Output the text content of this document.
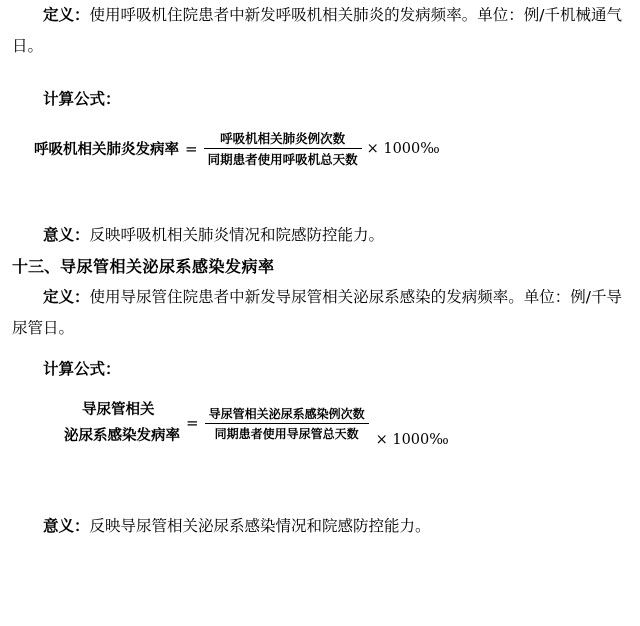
定义：使用呼吸机住院患者中新发呼吸机相关肺炎的发病频率。单位：例/千机械通气日。

计算公式：

呼吸机相关肺炎发病率 = $\frac{\text{呼吸机相关肺炎例次数}}{\text{同期患者使用呼吸机总天数}}$ × 1000‰

意义：反映呼吸机相关肺炎情况和院感防控能力。

十三、导尿管相关泌尿系感染发病率

定义：使用导尿管住院患者中新发导尿管相关泌尿系感染的发病频率。单位：例/千导尿管日。

计算公式：

导尿管相关
泌尿系感染发病率
= $\frac{\text{导尿管相关泌尿系感染例次数}}{\text{同期患者使用导尿管总天数}}$ × 1000‰

意义：反映导尿管相关泌尿系感染情况和院感防控能力。
